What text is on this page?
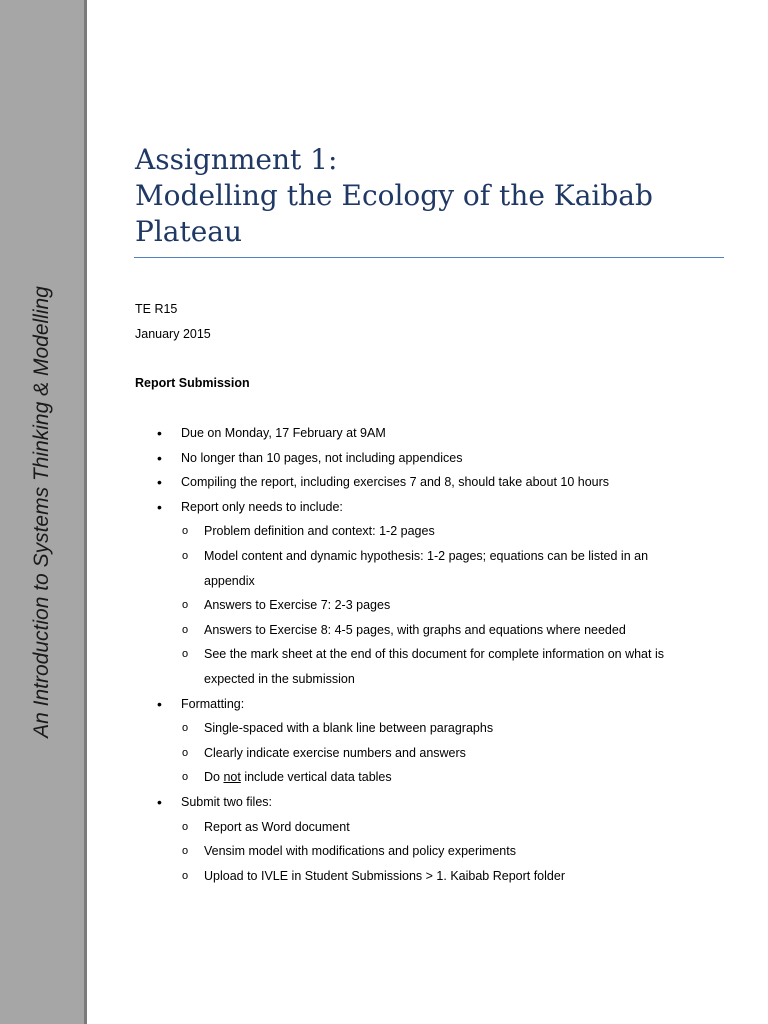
An Introduction to Systems Thinking & Modelling
Assignment 1:
Modelling the Ecology of the Kaibab
Plateau
TE R15
January 2015
Report Submission
• Due on Monday, 17 February at 9AM
• No longer than 10 pages, not including appendices
• Compiling the report, including exercises 7 and 8, should take about 10 hours
• Report only needs to include:
o Problem definition and context: 1-2 pages
o Model content and dynamic hypothesis: 1-2 pages; equations can be listed in an
appendix
o Answers to Exercise 7: 2-3 pages
o Answers to Exercise 8: 4-5 pages, with graphs and equations where needed
o See the mark sheet at the end of this document for complete information on what is
expected in the submission
• Formatting:
o Single-spaced with a blank line between paragraphs
o Clearly indicate exercise numbers and answers
o Do not include vertical data tables
• Submit two files:
o Report as Word document
o Vensim model with modifications and policy experiments
o Upload to IVLE in Student Submissions > 1. Kaibab Report folder
